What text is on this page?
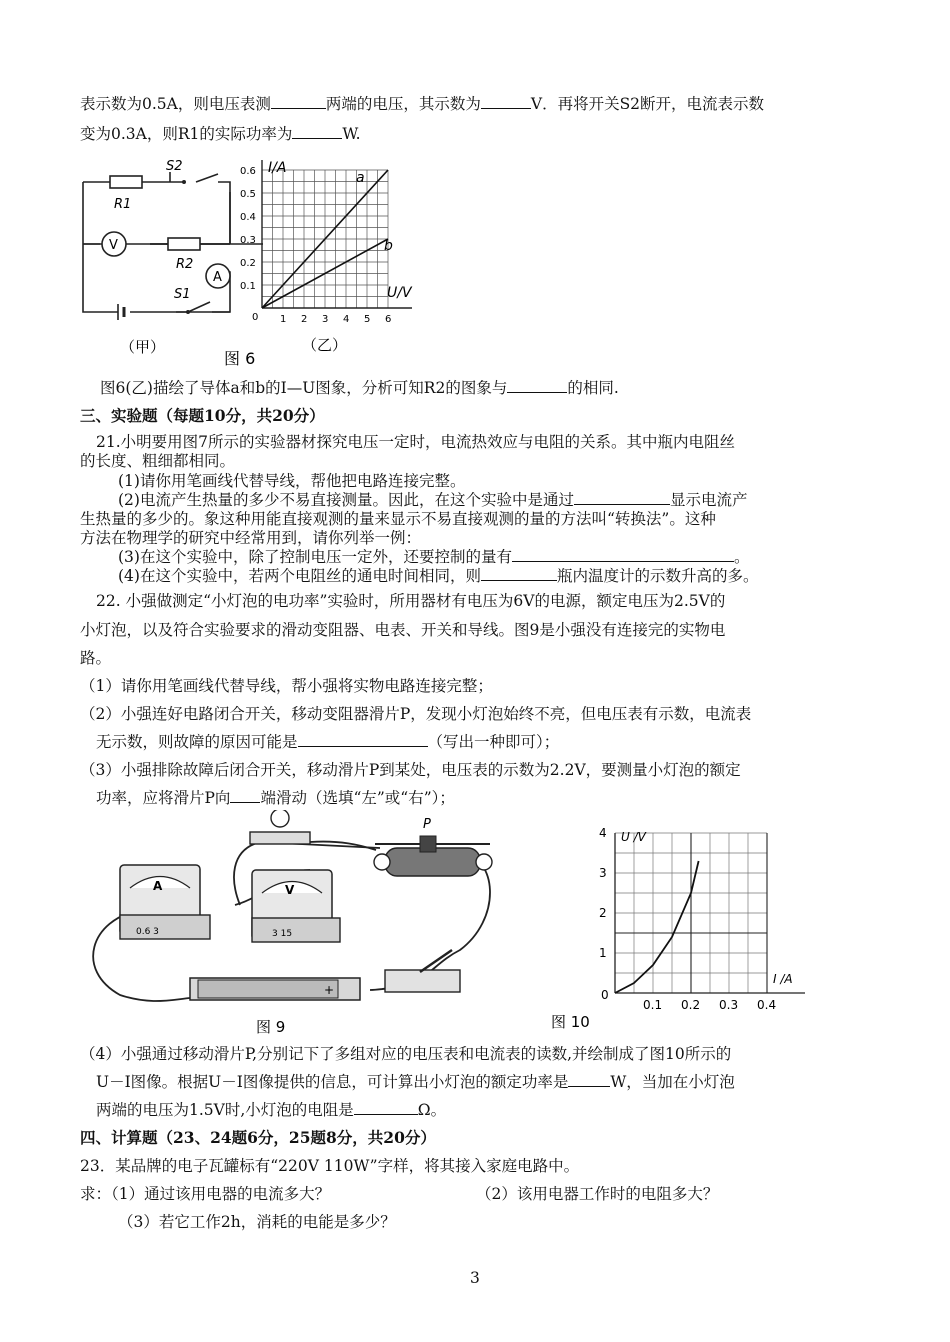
表示数为0.5A，则电压表测	两端的电压，其示数为	V．再将开关S2断开，电流表示数
变为0.3A，则R1的实际功率为	W.
R1
S2
V
R2
A
S1
（甲）
图 6
I/A
U/V
0 1 2 3 4 5 6
0.1
0.2
0.3
0.4
0.5
0.6	a
b
（乙）
图6(乙)描绘了导体a和b的I—U图象，分析可知R2的图象与	的相同.
三、实验题（每题10分，共20分）
21.小明要用图7所示的实验器材探究电压一定时，电流热效应与电阻的关系。其中瓶内电阻丝
的长度、粗细都相同。
(1)请你用笔画线代替导线，帮他把电路连接完整。
(2)电流产生热量的多少不易直接测量。因此，在这个实验中是通过	显示电流产
生热量的多少的。象这种用能直接观测的量来显示不易直接观测的量的方法叫“转换法”。这种
方法在物理学的研究中经常用到，请你列举一例：
(3)在这个实验中，除了控制电压一定外，还要控制的量有	。
(4)在这个实验中，若两个电阻丝的通电时间相同，则	瓶内温度计的示数升高的多。
22. 小强做测定“小灯泡的电功率”实验时，所用器材有电压为6V的电源，额定电压为2.5V的
小灯泡，以及符合实验要求的滑动变阻器、电表、开关和导线。图9是小强没有连接完的实物电
路。
（1）请你用笔画线代替导线，帮小强将实物电路连接完整；
（2）小强连好电路闭合开关，移动变阻器滑片P，发现小灯泡始终不亮，但电压表有示数，电流表
无示数，则故障的原因可能是	（写出一种即可）；
（3）小强排除故障后闭合开关，移动滑片P到某处，电压表的示数为2.2V，要测量小灯泡的额定
功率，应将滑片P向 端滑动（选填“左”或“右”）；
A
0.6 3
V
3 15
P
+
图 9
U /V
I /A
0
0.1 0.2 0.3 0.4
1
2
3
4
图 10
（4）小强通过移动滑片P,分别记下了多组对应的电压表和电流表的读数,并绘制成了图10所示的
U－I图像。根据U－I图像提供的信息，可计算出小灯泡的额定功率是	W，当加在小灯泡
两端的电压为1.5V时,小灯泡的电阻是	Ω。
四、计算题（23、24题6分，25题8分，共20分）
23．某品牌的电子瓦罐标有“220V 110W”字样，将其接入家庭电路中。
求：（1）通过该用电器的电流多大？	（2）该用电器工作时的电阻多大？
（3）若它工作2h，消耗的电能是多少？
3
